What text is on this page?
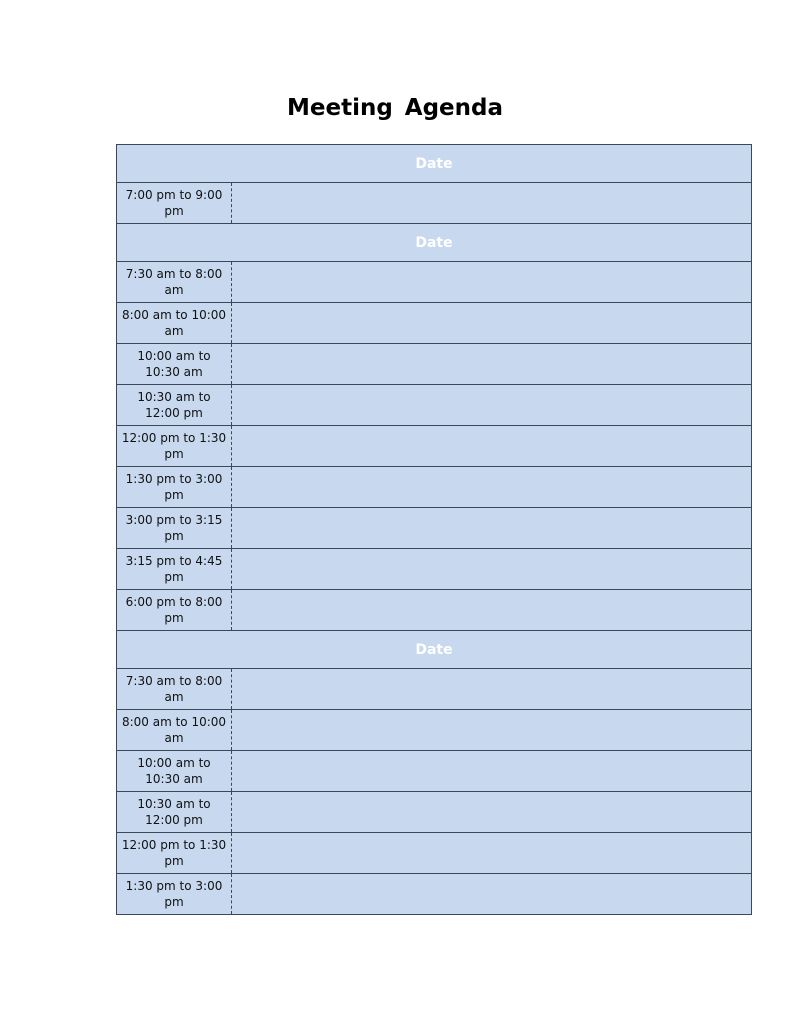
Meeting Agenda
Date
7:00 pm to 9:00 pm
Date
7:30 am to 8:00 am
8:00 am to 10:00 am
10:00 am to 10:30 am
10:30 am to 12:00 pm
12:00 pm to 1:30 pm
1:30 pm to 3:00 pm
3:00 pm to 3:15 pm
3:15 pm to 4:45 pm
6:00 pm to 8:00 pm
Date
7:30 am to 8:00 am
8:00 am to 10:00 am
10:00 am to 10:30 am
10:30 am to 12:00 pm
12:00 pm to 1:30 pm
1:30 pm to 3:00 pm
